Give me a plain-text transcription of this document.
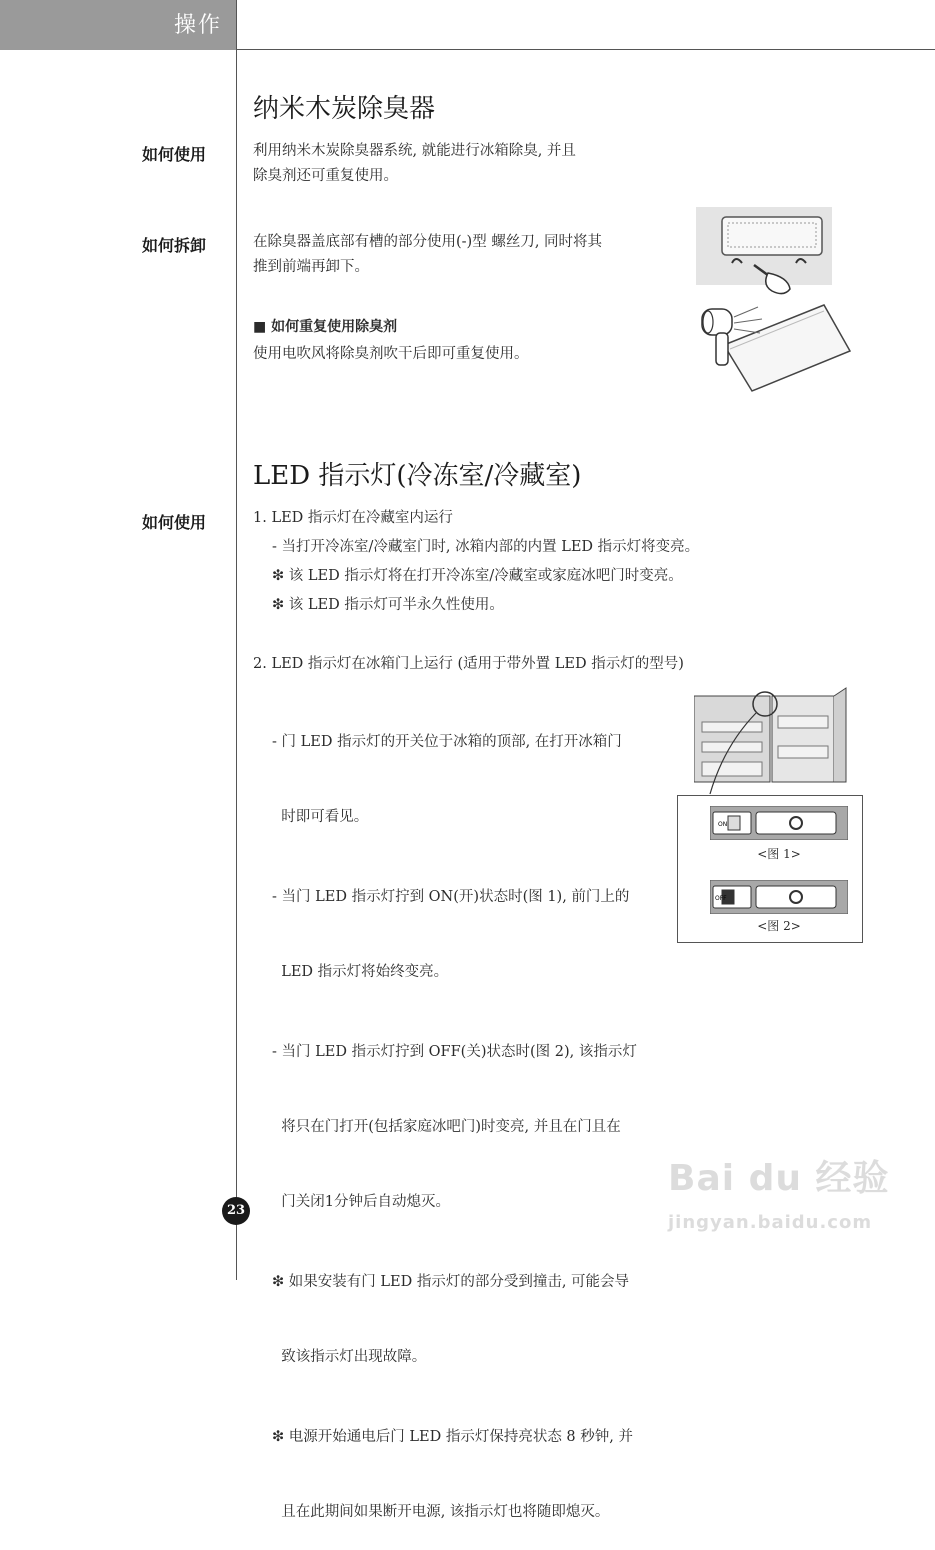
操作
纳米木炭除臭器
如何使用	利用纳米木炭除臭器系统, 就能进行冰箱除臭, 并且
除臭剂还可重复使用。
如何拆卸	在除臭器盖底部有槽的部分使用(-)型 螺丝刀, 同时将其
推到前端再卸下。
■ 如何重复使用除臭剂
使用电吹风将除臭剂吹干后即可重复使用。
LED 指示灯(冷冻室/冷藏室)
如何使用	1. LED 指示灯在冷藏室内运行
- 当打开冷冻室/冷藏室门时, 冰箱内部的内置 LED 指示灯将变亮。
❇ 该 LED 指示灯将在打开冷冻室/冷藏室或家庭冰吧门时变亮。
❇ 该 LED 指示灯可半永久性使用。
2. LED 指示灯在冰箱门上运行 (适用于带外置 LED 指示灯的型号)

- 门 LED 指示灯的开关位于冰箱的顶部, 在打开冰箱门

时即可看见。

- 当门 LED 指示灯拧到 ON(开)状态时(图 1), 前门上的

LED 指示灯将始终变亮。

- 当门 LED 指示灯拧到 OFF(关)状态时(图 2), 该指示灯

将只在门打开(包括家庭冰吧门)时变亮, 并且在门且在

门关闭1分钟后自动熄灭。

❇ 如果安装有门 LED 指示灯的部分受到撞击, 可能会导

致该指示灯出现故障。

❇ 电源开始通电后门 LED 指示灯保持亮状态 8 秒钟, 并

且在此期间如果断开电源, 该指示灯也将随即熄灭。

ON
<图 1>
OFF
<图 2>
23
Bai du 经验
jingyan.baidu.com
